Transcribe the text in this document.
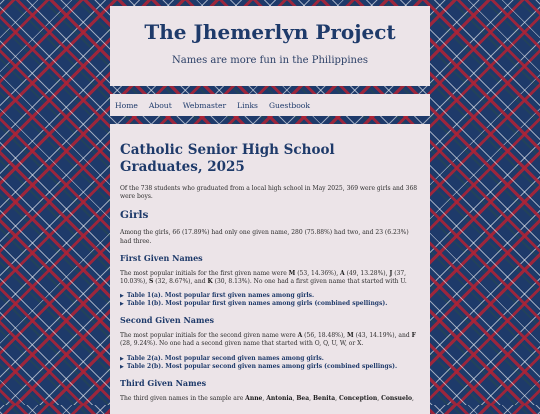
The Jhemerlyn Project

Names are more fun in the Philippines

Home About Webmaster Links Guestbook
Catholic Senior High School Graduates, 2025

Of the 738 students who graduated from a local high school in May 2025, 369 were girls and 368 were boys.

Girls

Among the girls, 66 (17.89%) had only one given name, 280 (75.88%) had two, and 23 (6.23%) had three.

First Given Names

The most popular initials for the first given name were M (53, 14.36%), A (49, 13.28%), J (37, 10.03%), S (32, 8.67%), and K (30, 8.13%). No one had a first given name that started with U.

▶ Table 1(a). Most popular first given names among girls.
▶ Table 1(b). Most popular first given names among girls (combined spellings).
Second Given Names

The most popular initials for the second given name were A (56, 18.48%), M (43, 14.19%), and F (28, 9.24%). No one had a second given name that started with O, Q, U, W, or X.

▶ Table 2(a). Most popular second given names among girls.
▶ Table 2(b). Most popular second given names among girls (combined spellings).
Third Given Names

The third given names in the sample are Anne, Antonia, Bea, Benita, Conception, Consuelo,
